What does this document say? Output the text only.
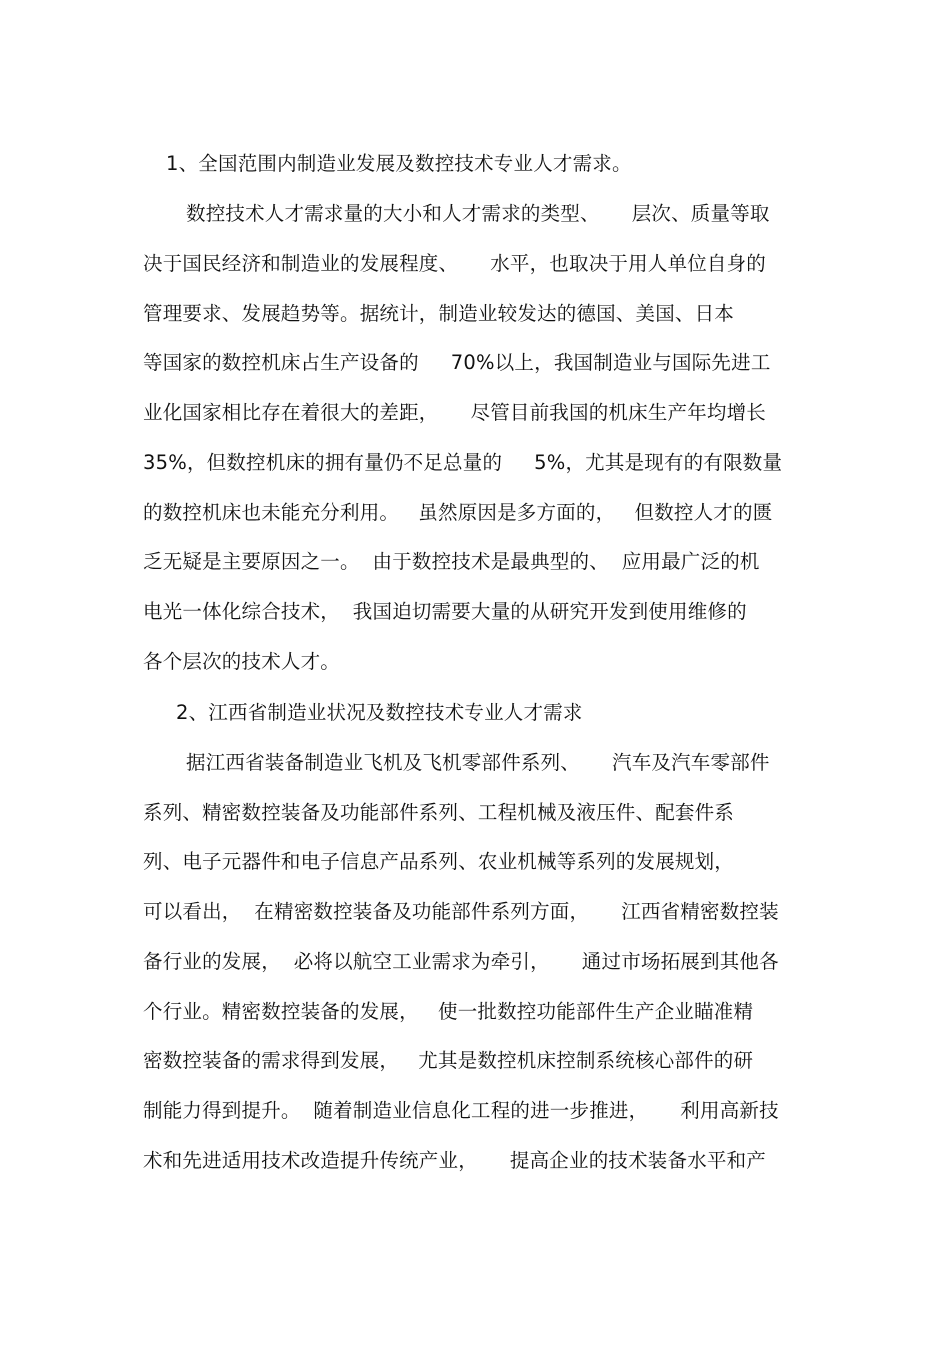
1、全国范围内制造业发展及数控技术专业人才需求。
数控技术人才需求量的大小和人才需求的类型、     层次、质量等取
决于国民经济和制造业的发展程度、     水平，也取决于用人单位自身的
管理要求、发展趋势等。据统计，制造业较发达的德国、美国、日本
等国家的数控机床占生产设备的     70%以上，我国制造业与国际先进工
业化国家相比存在着很大的差距，     尽管目前我国的机床生产年均增长
35%，但数控机床的拥有量仍不足总量的     5%，尤其是现有的有限数量
的数控机床也未能充分利用。   虽然原因是多方面的，   但数控人才的匮
乏无疑是主要原因之一。  由于数控技术是最典型的、  应用最广泛的机
电光一体化综合技术，  我国迫切需要大量的从研究开发到使用维修的
各个层次的技术人才。
2、江西省制造业状况及数控技术专业人才需求
据江西省装备制造业飞机及飞机零部件系列、     汽车及汽车零部件
系列、精密数控装备及功能部件系列、工程机械及液压件、配套件系
列、电子元器件和电子信息产品系列、农业机械等系列的发展规划，
可以看出，  在精密数控装备及功能部件系列方面，     江西省精密数控装
备行业的发展，  必将以航空工业需求为牵引，     通过市场拓展到其他各
个行业。精密数控装备的发展，   使一批数控功能部件生产企业瞄准精
密数控装备的需求得到发展，   尤其是数控机床控制系统核心部件的研
制能力得到提升。  随着制造业信息化工程的进一步推进，     利用高新技
术和先进适用技术改造提升传统产业，     提高企业的技术装备水平和产
